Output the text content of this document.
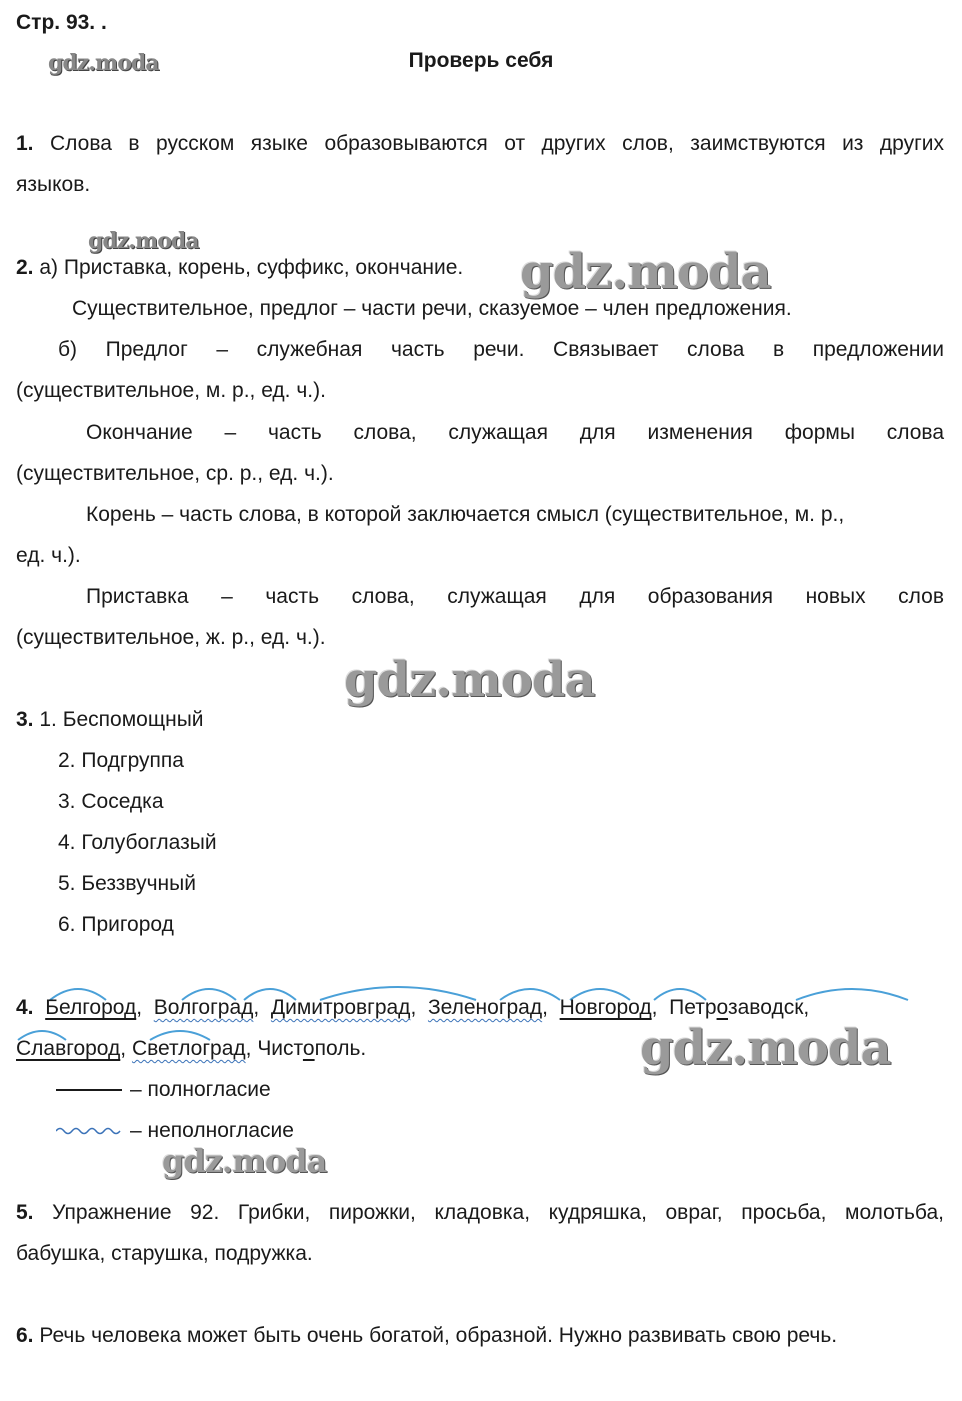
Стр. 93. .
gdz.moda	Проверь себя
1. Слова в русском языке образовываются от других слов, заимствуются из других
языков.
gdz.moda
2. а) Приставка, корень, суффикс, окончание. gdz.moda
Существительное, предлог – части речи, сказуемое – член предложения.
б) Предлог – служебная часть речи. Связывает слова в предложении
(существительное, м. р., ед. ч.).
Окончание – часть слова, служащая для изменения формы слова
(существительное, ср. р., ед. ч.).
Корень – часть слова, в которой заключается смысл (существительное, м. р.,
ед. ч.).
Приставка – часть слова, служащая для образования новых слов
(существительное, ж. р., ед. ч.).
gdz.moda
3. 1. Беспомощный
2. Подгруппа
3. Соседка
4. Голубоглазый
5. Беззвучный
6. Пригород
4. Белгород,  Волгоград,  Димитровград,  Зеленоград,  Новгород,  Петрозаводск,
Славгород, Светлоград, Чистополь.	gdz.moda
– полногласие
– неполногласие
gdz.moda
5. Упражнение 92. Грибки, пирожки, кладовка, кудряшка, овраг, просьба, молотьба,
бабушка, старушка, подружка.
6. Речь человека может быть очень богатой, образной. Нужно развивать свою речь.
